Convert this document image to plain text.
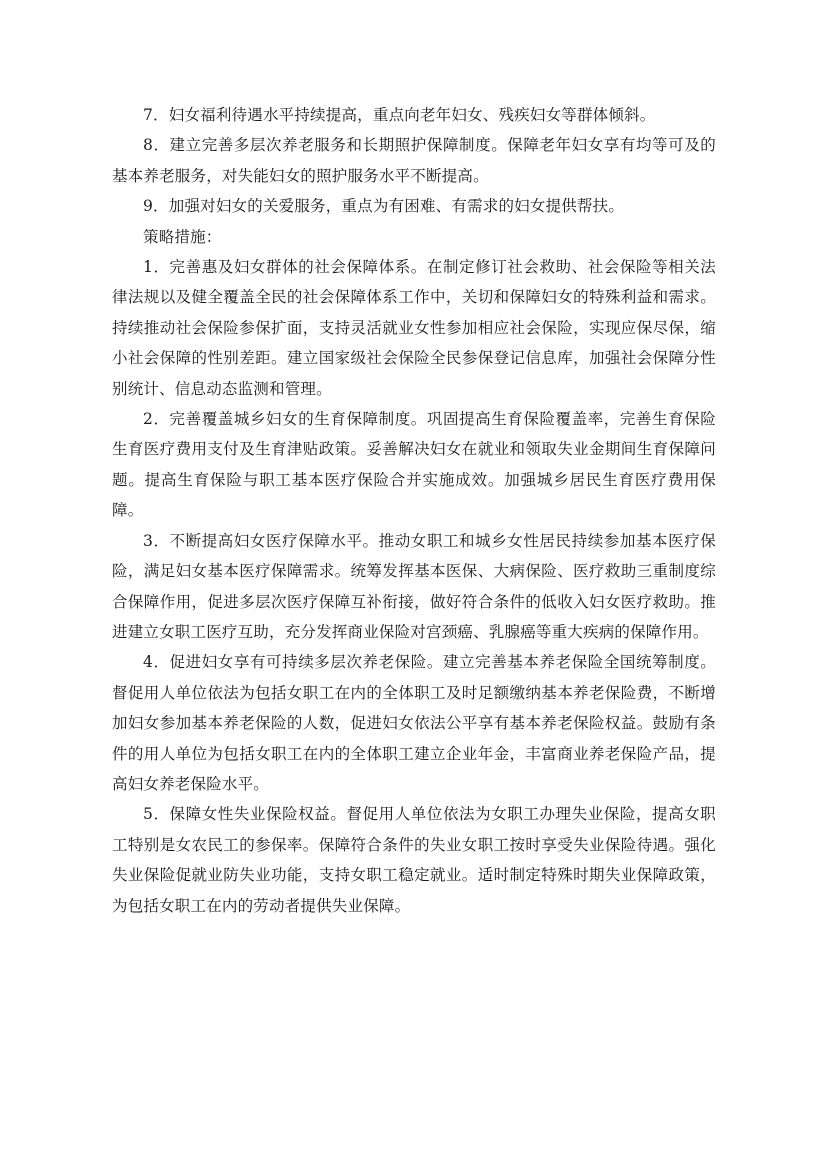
7．妇女福利待遇水平持续提高，重点向老年妇女、残疾妇女等群体倾斜。

8．建立完善多层次养老服务和长期照护保障制度。保障老年妇女享有均等可及的基本养老服务，对失能妇女的照护服务水平不断提高。

9．加强对妇女的关爱服务，重点为有困难、有需求的妇女提供帮扶。

策略措施：

1．完善惠及妇女群体的社会保障体系。在制定修订社会救助、社会保险等相关法律法规以及健全覆盖全民的社会保障体系工作中，关切和保障妇女的特殊利益和需求。持续推动社会保险参保扩面，支持灵活就业女性参加相应社会保险，实现应保尽保，缩小社会保障的性别差距。建立国家级社会保险全民参保登记信息库，加强社会保障分性别统计、信息动态监测和管理。

2．完善覆盖城乡妇女的生育保障制度。巩固提高生育保险覆盖率，完善生育保险生育医疗费用支付及生育津贴政策。妥善解决妇女在就业和领取失业金期间生育保障问题。提高生育保险与职工基本医疗保险合并实施成效。加强城乡居民生育医疗费用保障。

3．不断提高妇女医疗保障水平。推动女职工和城乡女性居民持续参加基本医疗保险，满足妇女基本医疗保障需求。统筹发挥基本医保、大病保险、医疗救助三重制度综合保障作用，促进多层次医疗保障互补衔接，做好符合条件的低收入妇女医疗救助。推进建立女职工医疗互助，充分发挥商业保险对宫颈癌、乳腺癌等重大疾病的保障作用。

4．促进妇女享有可持续多层次养老保险。建立完善基本养老保险全国统筹制度。督促用人单位依法为包括女职工在内的全体职工及时足额缴纳基本养老保险费，不断增加妇女参加基本养老保险的人数，促进妇女依法公平享有基本养老保险权益。鼓励有条件的用人单位为包括女职工在内的全体职工建立企业年金，丰富商业养老保险产品，提高妇女养老保险水平。

5．保障女性失业保险权益。督促用人单位依法为女职工办理失业保险，提高女职工特别是女农民工的参保率。保障符合条件的失业女职工按时享受失业保险待遇。强化失业保险促就业防失业功能，支持女职工稳定就业。适时制定特殊时期失业保障政策，为包括女职工在内的劳动者提供失业保障。
